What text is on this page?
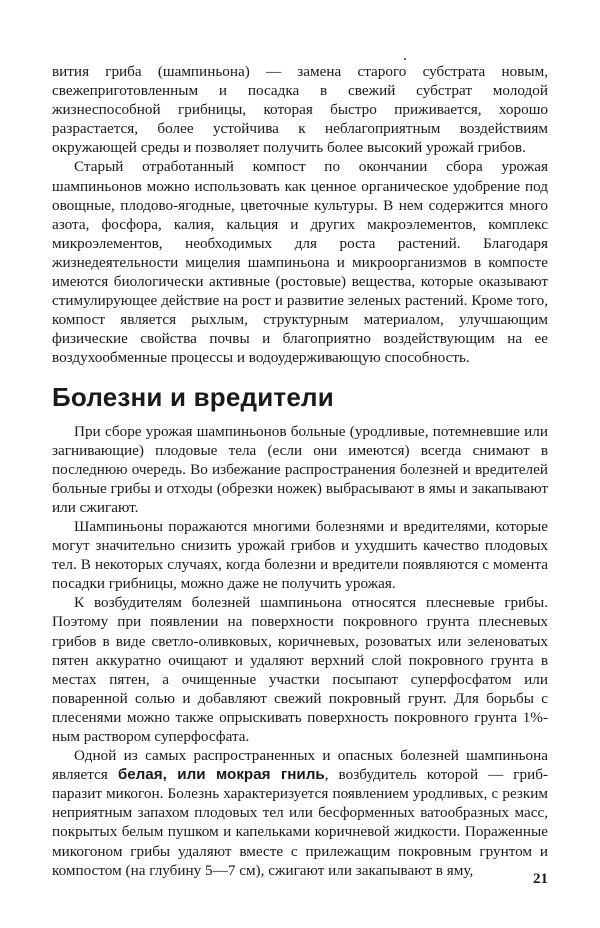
вития гриба (шампиньона) — замена старого субстрата новым, свежеприготовленным и посадка в свежий субстрат молодой жизнеспособной грибницы, которая быстро приживается, хорошо разрастается, более устойчива к неблагоприятным воздействиям окружающей среды и позволяет получить более высокий урожай грибов.

Старый отработанный компост по окончании сбора урожая шампиньонов можно использовать как ценное органическое удобрение под овощные, плодово-ягодные, цветочные культуры. В нем содержится много азота, фосфора, калия, кальция и других макроэлементов, комплекс микроэлементов, необходимых для роста растений. Благодаря жизнедеятельности мицелия шампиньона и микроорганизмов в компосте имеются биологически активные (ростовые) вещества, которые оказывают стимулирующее действие на рост и развитие зеленых растений. Кроме того, компост является рыхлым, структурным материалом, улучшающим физические свойства почвы и благоприятно воздействующим на ее воздухообменные процессы и водоудерживающую способность.

Болезни и вредители

При сборе урожая шампиньонов больные (уродливые, потемневшие или загнивающие) плодовые тела (если они имеются) всегда снимают в последнюю очередь. Во избежание распространения болезней и вредителей больные грибы и отходы (обрезки ножек) выбрасывают в ямы и закапывают или сжигают.

Шампиньоны поражаются многими болезнями и вредителями, которые могут значительно снизить урожай грибов и ухудшить качество плодовых тел. В некоторых случаях, когда болезни и вредители появляются с момента посадки грибницы, можно даже не получить урожая.

К возбудителям болезней шампиньона относятся плесневые грибы. Поэтому при появлении на поверхности покровного грунта плесневых грибов в виде светло-оливковых, коричневых, розоватых или зеленоватых пятен аккуратно очищают и удаляют верхний слой покровного грунта в местах пятен, а очищенные участки посыпают суперфосфатом или поваренной солью и добавляют свежий покровный грунт. Для борьбы с плесенями можно также опрыскивать поверхность покровного грунта 1%-ным раствором суперфосфата.

Одной из самых распространенных и опасных болезней шампиньона является белая, или мокрая гниль, возбудитель которой — гриб-паразит микогон. Болезнь характеризуется появлением уродливых, с резким неприятным запахом плодовых тел или бесформенных ватообразных масс, покрытых белым пушком и капельками коричневой жидкости. Пораженные микогоном грибы удаляют вместе с прилежащим покровным грунтом и компостом (на глубину 5—7 см), сжигают или закапывают в яму,

21
